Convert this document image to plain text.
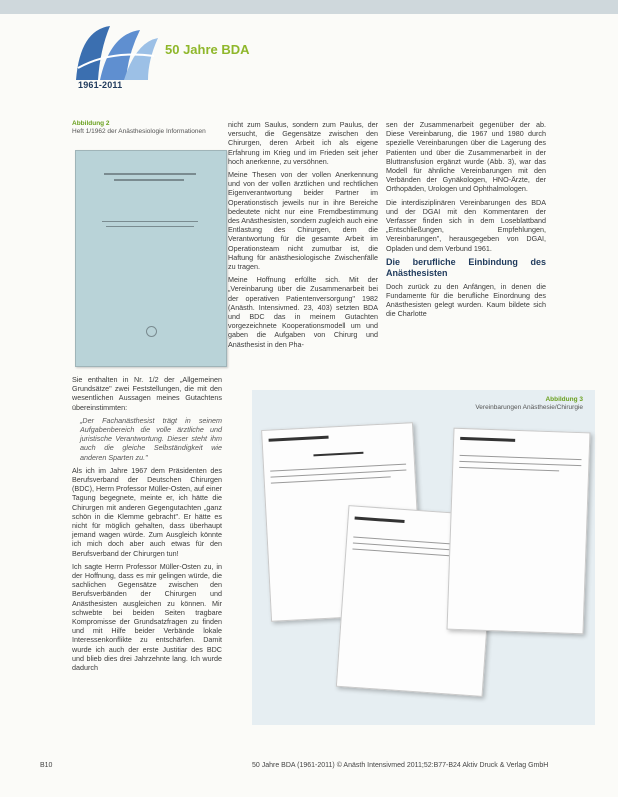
50 Jahre BDA
1961-2011
Abbildung 2
Heft 1/1962 der Anästhesiologie Informationen

Sie enthalten in Nr. 1/2 der „Allgemeinen Grundsätze" zwei Feststellungen, die mit den wesentlichen Aussagen meines Gutachtens übereinstimmten:

„Der Fachanästhesist trägt in seinem Aufgabenbereich die volle ärztliche und juristische Verantwortung. Dieser steht ihm auch die gleiche Selbständigkeit wie anderen Sparten zu."

Als ich im Jahre 1967 dem Präsidenten des Berufsverband der Deutschen Chirurgen (BDC), Herrn Professor Müller-Osten, auf einer Tagung begegnete, meinte er, ich hätte die Chirurgen mit anderen Gegengutachten „ganz schön in die Klemme gebracht". Er hätte es nicht für möglich gehalten, dass überhaupt jemand wagen würde. Zum Ausgleich könnte ich mich doch aber auch etwas für den Berufsverband der Chirurgen tun!

Ich sagte Herrn Professor Müller-Osten zu, in der Hoffnung, dass es mir gelingen würde, die sachlichen Gegensätze zwischen den Berufsverbänden der Chirurgen und Anästhesisten ausgleichen zu können. Mir schwebte bei beiden Seiten tragbare Kompromisse der Grundsatzfragen zu finden und mit Hilfe beider Verbände lokale Interessenkonflikte zu entschärfen. Damit wurde ich auch der erste Justitiar des BDC und blieb dies drei Jahrzehnte lang. Ich wurde dadurch

nicht zum Saulus, sondern zum Paulus, der versucht, die Gegensätze zwischen den Chirurgen, deren Arbeit ich als eigene Erfahrung im Krieg und im Frieden seit jeher hoch anerkenne, zu versöhnen.

Meine Thesen von der vollen Anerkennung und von der vollen ärztlichen und rechtlichen Eigenverantwortung beider Partner im Operationstisch jeweils nur in ihre Bereiche bedeutete nicht nur eine Fremdbestimmung des Anästhesisten, sondern zugleich auch eine Entlastung des Chirurgen, dem die Verantwortung für die gesamte Arbeit im Operationsteam nicht zumutbar ist, die Haftung für anästhesiologische Zwischenfälle zu tragen.

Meine Hoffnung erfüllte sich. Mit der „Vereinbarung über die Zusammenarbeit bei der operativen Patientenversorgung" 1982 (Anästh. Intensivmed. 23, 403) setzten BDA und BDC das in meinem Gutachten vorgezeichnete Kooperationsmodell um und gaben die Aufgaben von Chirurg und Anästhesist in den Pha-

sen der Zusammenarbeit gegenüber der ab. Diese Vereinbarung, die 1967 und 1980 durch spezielle Vereinbarungen über die Lagerung des Patienten und über die Zusammenarbeit in der Bluttransfusion ergänzt wurde (Abb. 3), war das Modell für ähnliche Vereinbarungen mit den Verbänden der Gynäkologen, HNO-Ärzte, der Orthopäden, Urologen und Ophthalmologen.

Die interdisziplinären Vereinbarungen des BDA und der DGAI mit den Kommentaren der Verfasser finden sich in dem Loseblattband „Entschließungen, Empfehlungen, Vereinbarungen", herausgegeben von DGAI, Opladen und dem Verbund 1961.

Die berufliche Einbindung des Anästhesisten

Doch zurück zu den Anfängen, in denen die Fundamente für die berufliche Einordnung des Anästhesisten gelegt wurden. Kaum bildete sich die Charlotte

Abbildung 3
Vereinbarungen Anästhesie/Chirurgie
B10	50 Jahre BDA (1961-2011) © Anästh Intensivmed 2011;52:B77-B24 Aktiv Druck & Verlag GmbH
